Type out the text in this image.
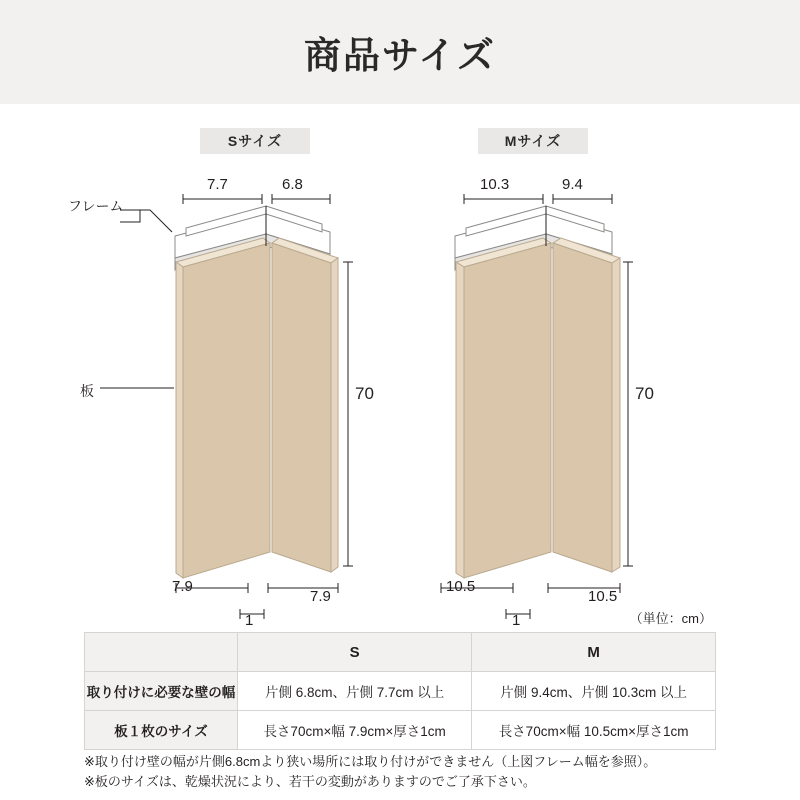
商品サイズ
Sサイズ	Mサイズ
フレーム
板
7.7	6.8
70
7.9
7.9
1
10.3	9.4
70
10.5
10.5
1	（単位：cm）
	S	M
取り付けに必要な壁の幅	片側 6.8cm、片側 7.7cm 以上	片側 9.4cm、片側 10.3cm 以上
板１枚のサイズ	長さ70cm×幅 7.9cm×厚さ1cm	長さ70cm×幅 10.5cm×厚さ1cm
※取り付け壁の幅が片側6.8cmより狭い場所には取り付けができません（上図フレーム幅を参照）。
※板のサイズは、乾燥状況により、若干の変動がありますのでご了承下さい。
